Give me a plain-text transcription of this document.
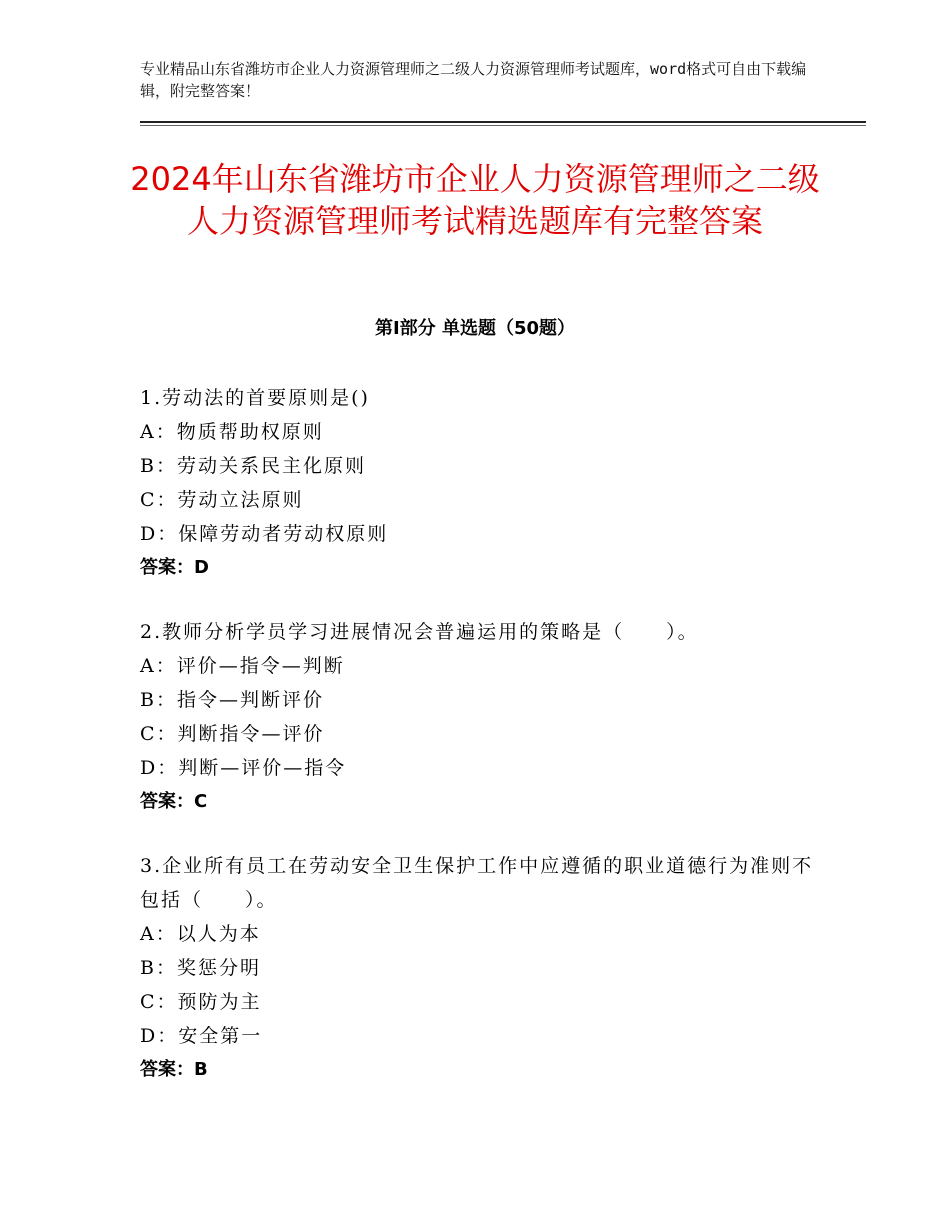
专业精品山东省潍坊市企业人力资源管理师之二级人力资源管理师考试题库，word格式可自由下载编辑，附完整答案！
2024年山东省潍坊市企业人力资源管理师之二级人力资源管理师考试精选题库有完整答案
第Ⅰ部分 单选题（50题）
1.劳动法的首要原则是()
A：物质帮助权原则
B：劳动关系民主化原则
C：劳动立法原则
D：保障劳动者劳动权原则
答案：D
2.教师分析学员学习进展情况会普遍运用的策略是（　　）。
A：评价—指令—判断
B：指令—判断评价
C：判断指令—评价
D：判断—评价—指令
答案：C
3.企业所有员工在劳动安全卫生保护工作中应遵循的职业道德行为准则不包括（　　）。
A：以人为本
B：奖惩分明
C：预防为主
D：安全第一
答案：B
